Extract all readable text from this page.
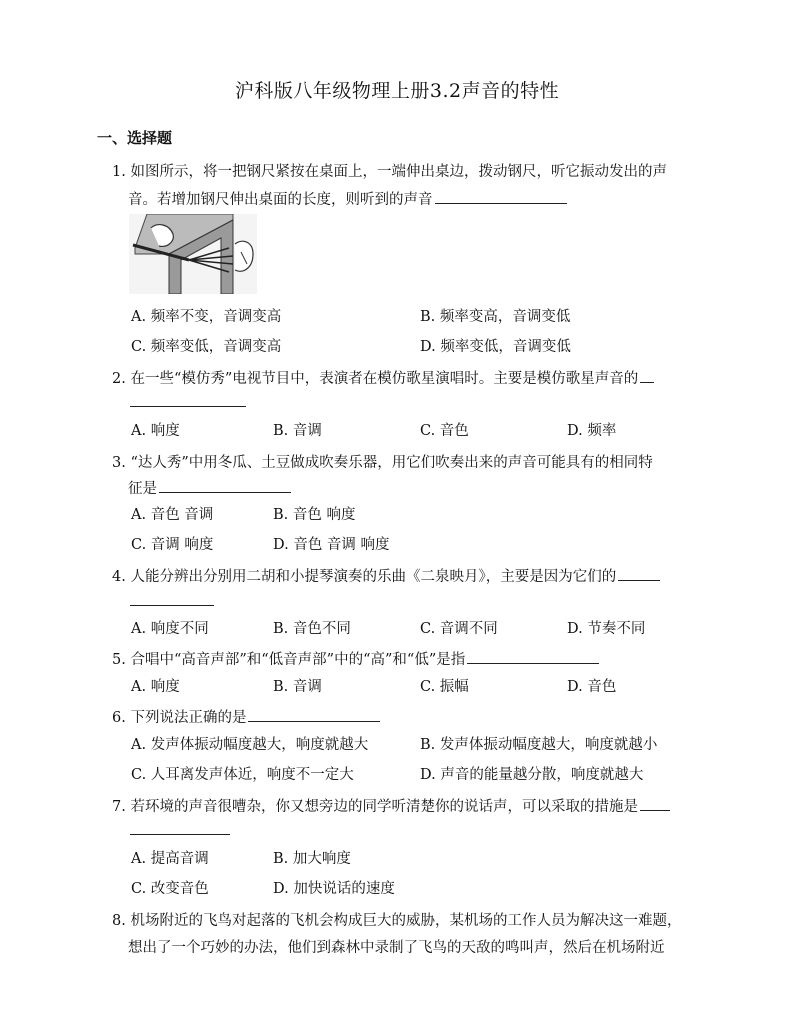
沪科版八年级物理上册3.2声音的特性
一、选择题
1. 如图所示，将一把钢尺紧按在桌面上，一端伸出桌边，拨动钢尺，听它振动发出的声
音。若增加钢尺伸出桌面的长度，则听到的声音
A. 频率不变，音调变高	B. 频率变高，音调变低
C. 频率变低，音调变高	D. 频率变低，音调变低
2. 在一些“模仿秀”电视节目中，表演者在模仿歌星演唱时。主要是模仿歌星声音的
A. 响度	B. 音调	C. 音色	D. 频率
3. “达人秀”中用冬瓜、土豆做成吹奏乐器，用它们吹奏出来的声音可能具有的相同特
征是
A. 音色 音调	B. 音色 响度
C. 音调 响度	D. 音色 音调 响度
4. 人能分辨出分别用二胡和小提琴演奏的乐曲《二泉映月》，主要是因为它们的
A. 响度不同	B. 音色不同	C. 音调不同	D. 节奏不同
5. 合唱中“高音声部”和“低音声部”中的“高”和“低”是指
A. 响度	B. 音调	C. 振幅	D. 音色
6. 下列说法正确的是
A. 发声体振动幅度越大，响度就越大	B. 发声体振动幅度越大，响度就越小
C. 人耳离发声体近，响度不一定大	D. 声音的能量越分散，响度就越大
7. 若环境的声音很嘈杂，你又想旁边的同学听清楚你的说话声，可以采取的措施是
A. 提高音调	B. 加大响度
C. 改变音色	D. 加快说话的速度
8. 机场附近的飞鸟对起落的飞机会构成巨大的威胁，某机场的工作人员为解决这一难题，
想出了一个巧妙的办法，他们到森林中录制了飞鸟的天敌的鸣叫声，然后在机场附近
